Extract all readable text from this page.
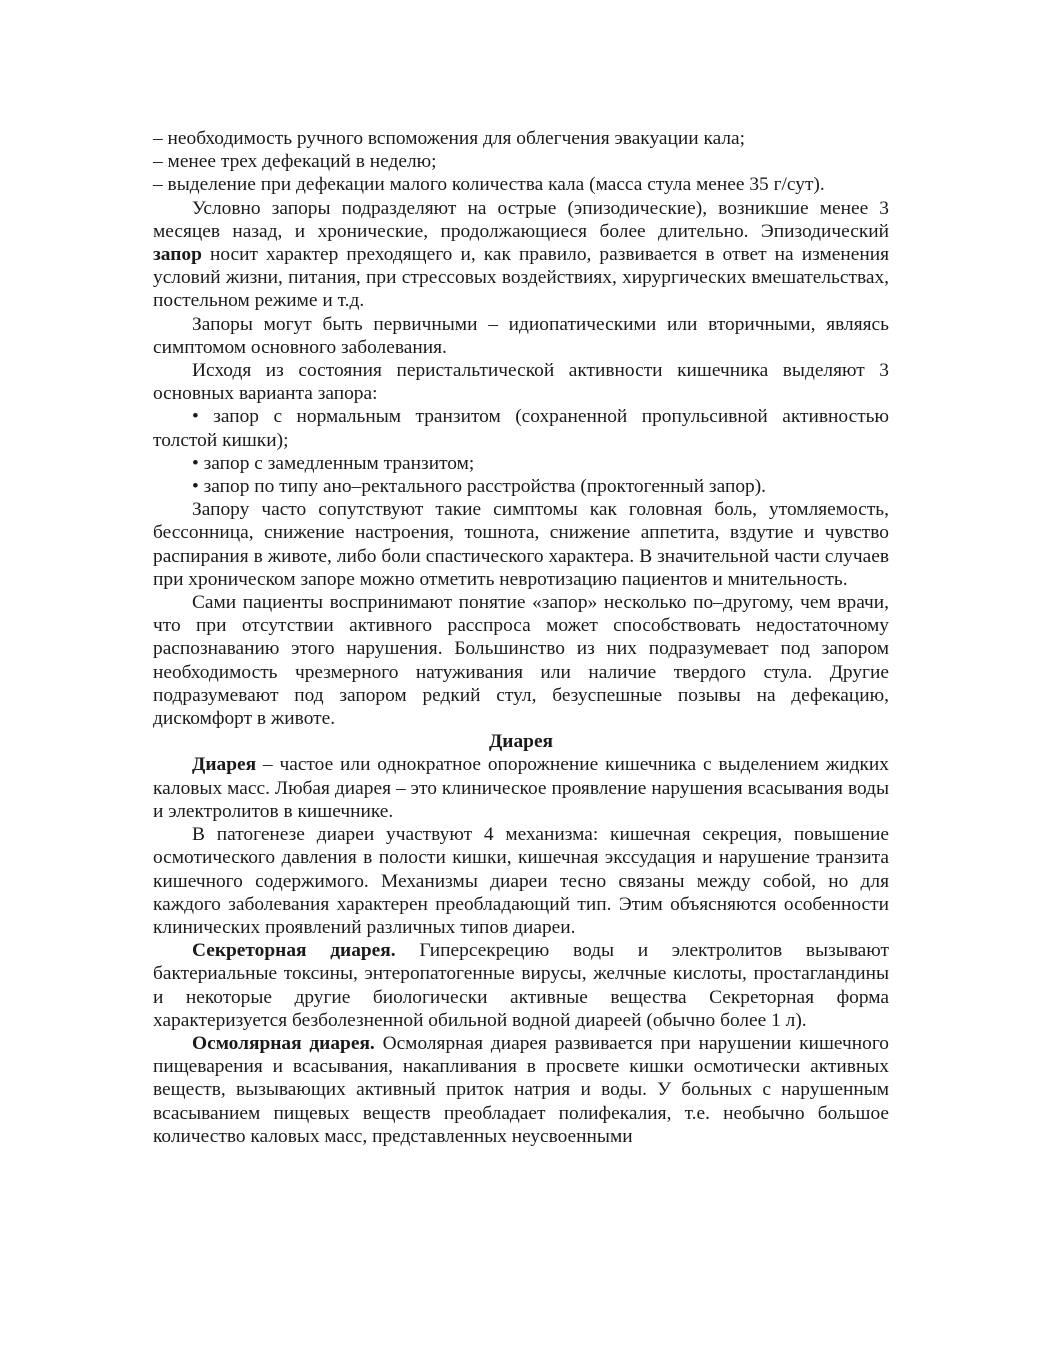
– необходимость ручного вспоможения для облегчения эвакуации кала;

– менее трех дефекаций в неделю;

– выделение при дефекации малого количества кала (масса стула менее 35 г/сут).

Условно запоры подразделяют на острые (эпизодические), возникшие менее 3 месяцев назад, и хронические, продолжающиеся более длительно. Эпизодический запор носит характер преходящего и, как правило, развивается в ответ на изменения условий жизни, питания, при стрессовых воздействиях, хирургических вмешательствах, постельном режиме и т.д.

Запоры могут быть первичными – идиопатическими или вторичными, являясь симптомом основного заболевания.

Исходя из состояния перистальтической активности кишечника выделяют 3 основных варианта запора:

• запор с нормальным транзитом (сохраненной пропульсивной активностью толстой кишки);

• запор с замедленным транзитом;

• запор по типу ано–ректального расстройства (проктогенный запор).

Запору часто сопутствуют такие симптомы как головная боль, утомляемость, бессонница, снижение настроения, тошнота, снижение аппетита, вздутие и чувство распирания в животе, либо боли спастического характера. В значительной части случаев при хроническом запоре можно отметить невротизацию пациентов и мнительность.

Сами пациенты воспринимают понятие «запор» несколько по–другому, чем врачи, что при отсутствии активного расспроса может способствовать недостаточному распознаванию этого нарушения. Большинство из них подразумевает под запором необходимость чрезмерного натуживания или наличие твердого стула. Другие подразумевают под запором редкий стул, безуспешные позывы на дефекацию, дискомфорт в животе.

Диарея

Диарея – частое или однократное опорожнение кишечника с выделением жидких каловых масс. Любая диарея – это клиническое проявление нарушения всасывания воды и электролитов в кишечнике.

В патогенезе диареи участвуют 4 механизма: кишечная секреция, повышение осмотического давления в полости кишки, кишечная экссудация и нарушение транзита кишечного содержимого. Механизмы диареи тесно связаны между собой, но для каждого заболевания характерен преобладающий тип. Этим объясняются особенности клинических проявлений различных типов диареи.

Секреторная диарея. Гиперсекрецию воды и электролитов вызывают бактериальные токсины, энтеропатогенные вирусы, желчные кислоты, простагландины и некоторые другие биологически активные вещества Секреторная форма характеризуется безболезненной обильной водной диареей (обычно более 1 л).

Осмолярная диарея. Осмолярная диарея развивается при нарушении кишечного пищеварения и всасывания, накапливания в просвете кишки осмотически активных веществ, вызывающих активный приток натрия и воды. У больных с нарушенным всасыванием пищевых веществ преобладает полифекалия, т.е. необычно большое количество каловых масс, представленных неусвоенными
